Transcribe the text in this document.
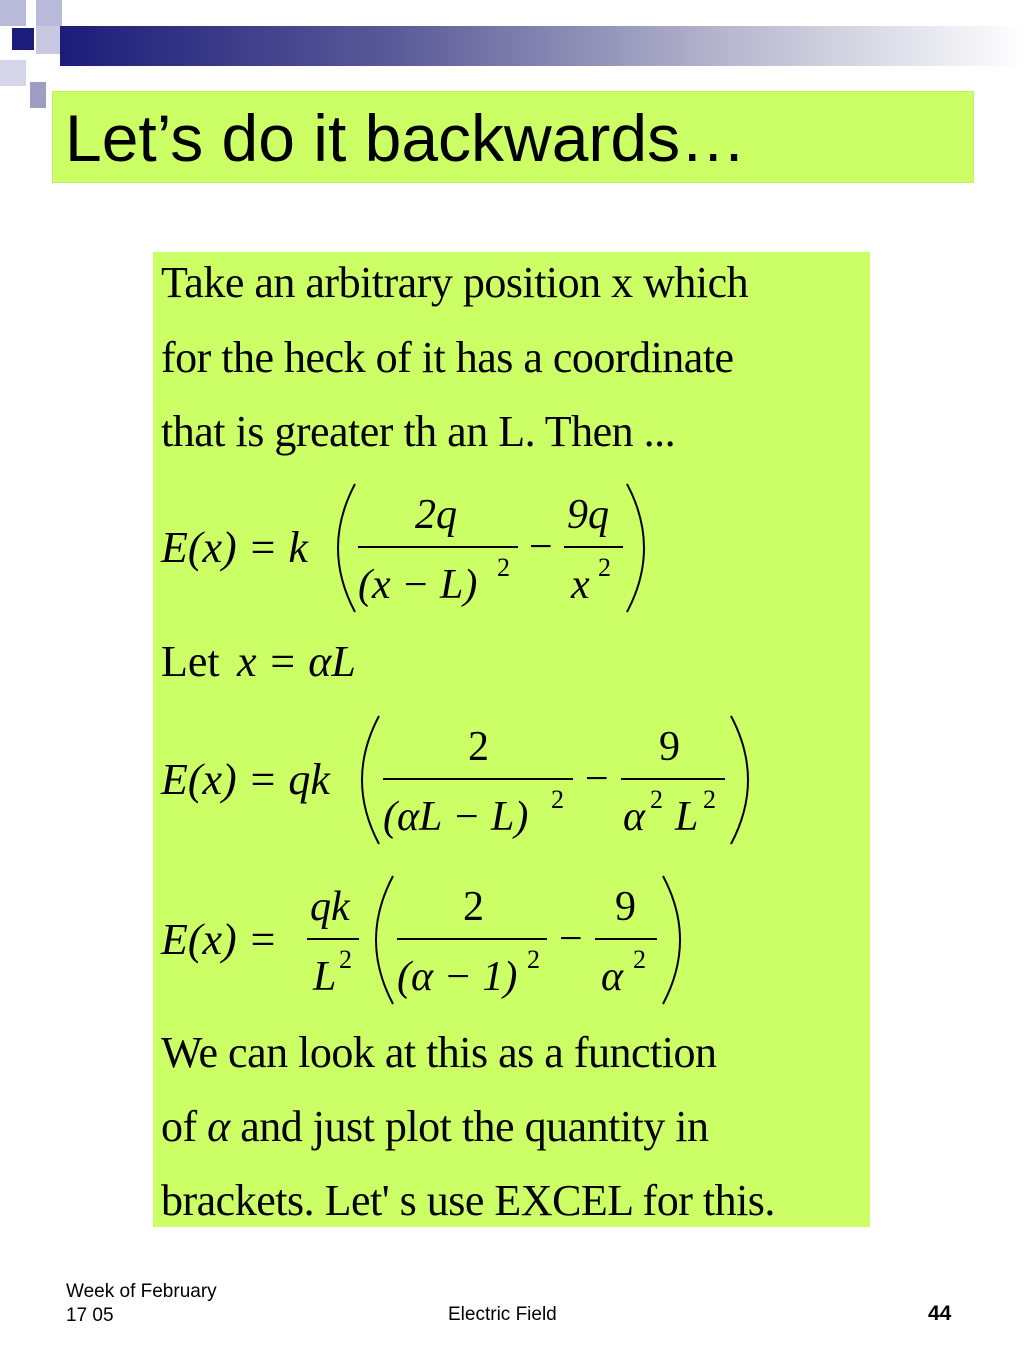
Let’s do it backwards…

Take an arbitrary position x which

for the heck of it has a coordinate

that is greater th an L. Then ...

E(x) = k
2q
(x − L) 2 −
9q
x 2
Let x = αL
E(x) = qk
2
(αL − L) 2 −
9
α 2 L 2
E(x) =
qk
L 2
2
(α − 1) 2 −
9
α 2

We can look at this as a function

of α and just plot the quantity in

brackets. Let' s use EXCEL for this.

Week of February
17 05	Electric Field	44
